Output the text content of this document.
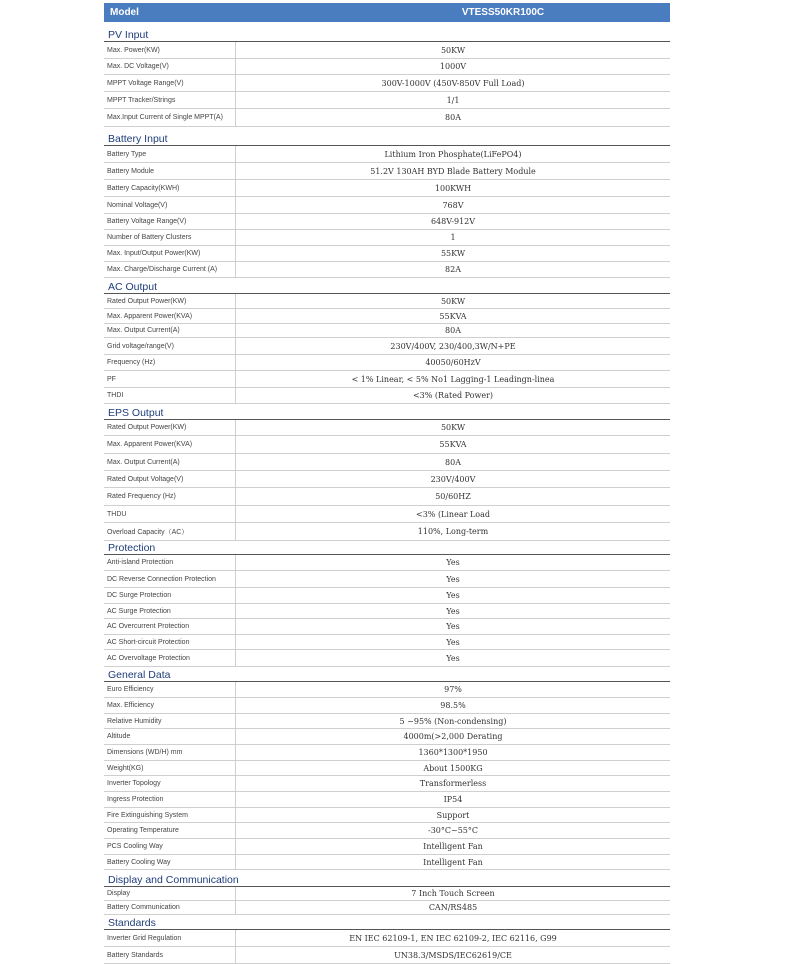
Model	VTESS50KR100C
PV Input
Max. Power(KW)	50KW
Max. DC Voltage(V)	1000V
MPPT Voltage Range(V)	300V-1000V (450V-850V Full Load)
MPPT Tracker/Strings	1/1
Max.Input Current of Single MPPT(A)	80A
Battery Input
Battery Type	Lithium Iron Phosphate(LiFePO4)
Battery Module	51.2V 130AH BYD Blade Battery Module
Battery Capacity(KWH)	100KWH
Nominal Voltage(V)	768V
Battery Voltage Range(V)	648V-912V
Number of Battery Clusters	1
Max. Input/Output Power(KW)	55KW
Max. Charge/Discharge Current (A)	82A
AC Output
Rated Output Power(KW)	50KW
Max. Apparent Power(KVA)	55KVA
Max. Output Current(A)	80A
Grid voltage/range(V)	230V/400V, 230/400,3W/N+PE
Frequency (Hz)	40050/60HzV
PF	< 1% Linear, < 5% No1 Lagging-1 Leadingn-linea
THDI	<3% (Rated Power)
EPS Output
Rated Output Power(KW)	50KW
Max. Apparent Power(KVA)	55KVA
Max. Output Current(A)	80A
Rated Output Voltage(V)	230V/400V
Rated Frequency (Hz)	50/60HZ
THDU	<3% (Linear Load
Overload Capacity（AC）	110%, Long-term
Protection
Anti-island Protection	Yes
DC Reverse Connection Protection	Yes
DC Surge Protection	Yes
AC Surge Protection	Yes
AC Overcurrent Protection	Yes
AC Short-circuit Protection	Yes
AC Overvoltage Protection	Yes
General Data
Euro Efficiency	97%
Max. Efficiency	98.5%
Relative Humidity	5 ~95% (Non-condensing)
Altitude	4000m(>2,000 Derating
Dimensions (WD/H) mm	1360*1300*1950
Weight(KG)	About 1500KG
Inverter Topology	Transformerless
Ingress Protection	IP54
Fire Extinguishing System	Support
Operating Temperature	-30°C~55°C
PCS Cooling Way	Intelligent Fan
Battery Cooling Way	Intelligent Fan
Display and Communication
Display	7 Inch Touch Screen
Battery Communication	CAN/RS485
Standards
Inverter Grid Regulation	EN IEC 62109-1, EN IEC 62109-2, IEC 62116, G99
Battery Standards	UN38.3/MSDS/IEC62619/CE
